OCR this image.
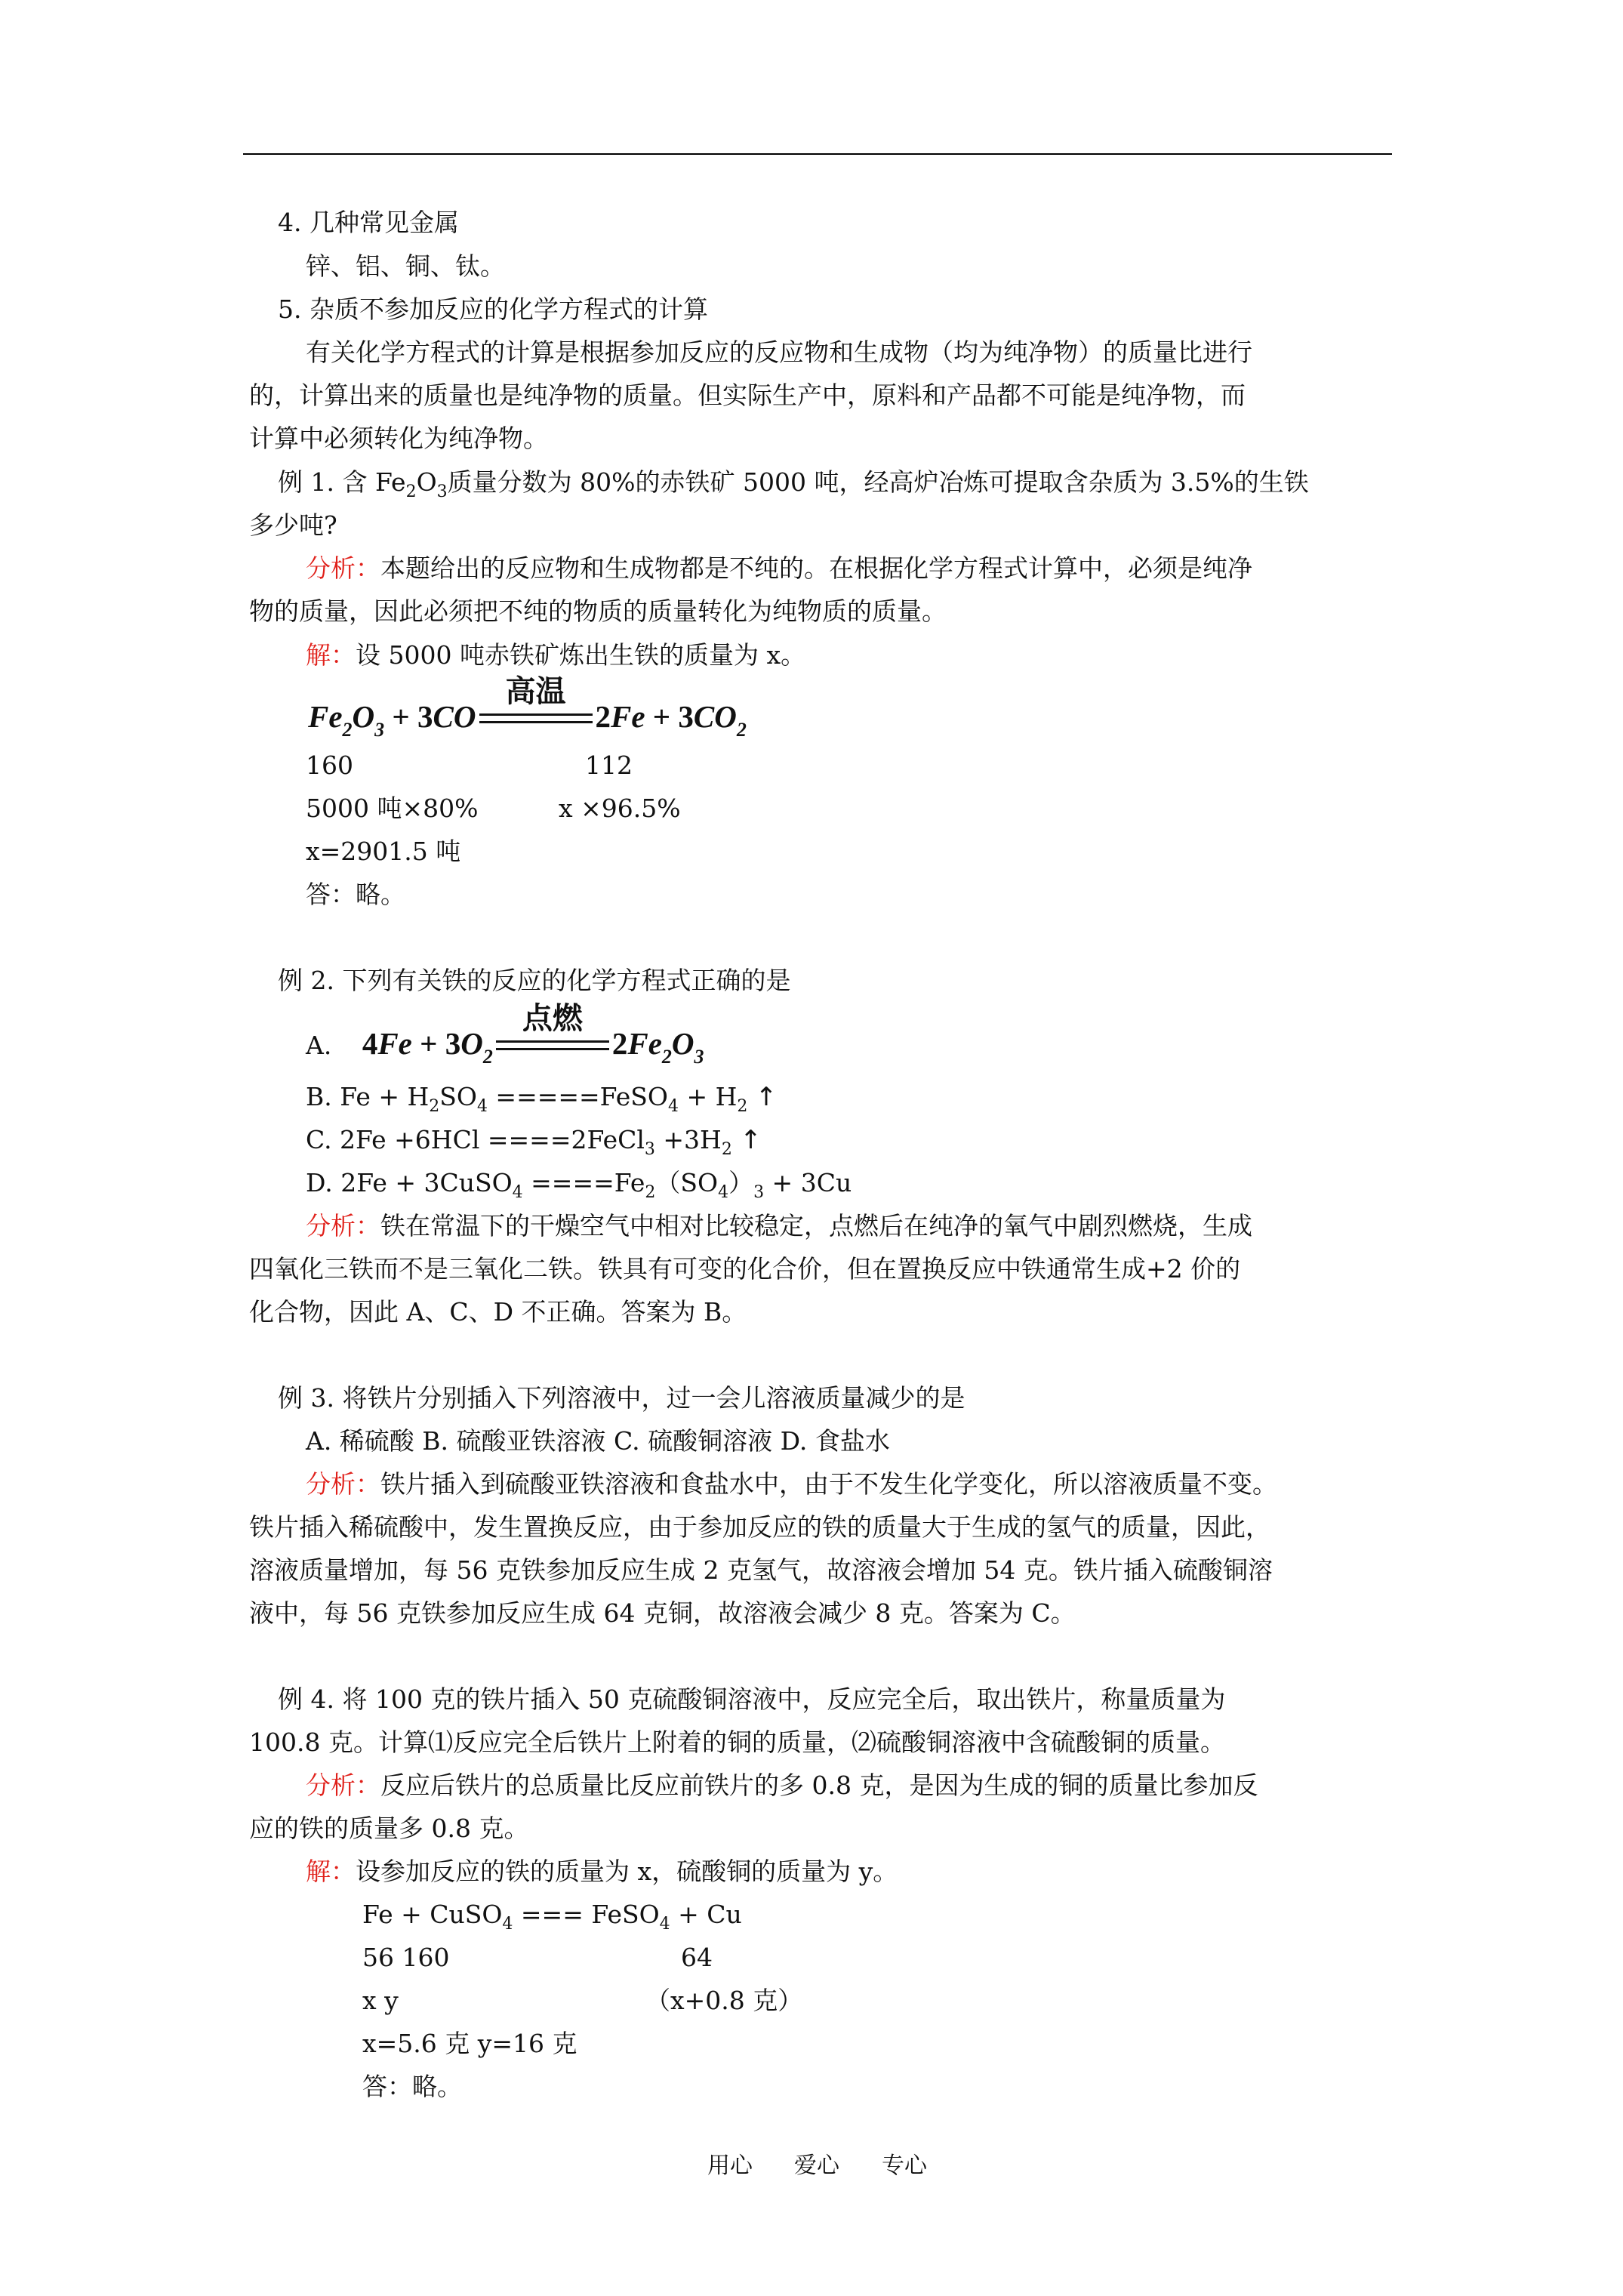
4. 几种常见金属
锌、铝、铜、钛。
5. 杂质不参加反应的化学方程式的计算
有关化学方程式的计算是根据参加反应的反应物和生成物（均为纯净物）的质量比进行
的，计算出来的质量也是纯净物的质量。但实际生产中，原料和产品都不可能是纯净物，而
计算中必须转化为纯净物。
例 1. 含 $Fe_2O_3$质量分数为 80%的赤铁矿 5000 吨，经高炉冶炼可提取含杂质为 3.5%的生铁
多少吨?
分析：本题给出的反应物和生成物都是不纯的。在根据化学方程式计算中，必须是纯净
物的质量，因此必须把不纯的物质的质量转化为纯物质的质量。
解：设 5000 吨赤铁矿炼出生铁的质量为 x。
$Fe_2O_3 + 3CO$
高温
$2Fe + 3CO_2$
160	112
5000 吨×80%	x ×96.5%
x=2901.5 吨
答：略。
例 2. 下列有关铁的反应的化学方程式正确的是
A. $4Fe + 3O_2$
点燃
$2Fe_2O_3$
B. $Fe + H_2SO_4$ =====FeSO$_4$ + $H_2$ ↑
C. 2Fe +6HCl ====2FeCl$_3$ $+3H_2$ ↑
D. 2Fe + 3CuSO$_4$ $====Fe_2(SO_4)_3 + 3Cu$
分析：铁在常温下的干燥空气中相对比较稳定，点燃后在纯净的氧气中剧烈燃烧，生成
四氧化三铁而不是三氧化二铁。铁具有可变的化合价，但在置换反应中铁通常生成+2 价的
化合物，因此 A、C、D 不正确。答案为 B。
例 3. 将铁片分别插入下列溶液中，过一会儿溶液质量减少的是
A. 稀硫酸 B. 硫酸亚铁溶液 C. 硫酸铜溶液 D. 食盐水
分析：铁片插入到硫酸亚铁溶液和食盐水中，由于不发生化学变化，所以溶液质量不变。
铁片插入稀硫酸中，发生置换反应，由于参加反应的铁的质量大于生成的氢气的质量，因此，
溶液质量增加，每 56 克铁参加反应生成 2 克氢气，故溶液会增加 54 克。铁片插入硫酸铜溶
液中，每 56 克铁参加反应生成 64 克铜，故溶液会减少 8 克。答案为 C。
例 4. 将 100 克的铁片插入 50 克硫酸铜溶液中，反应完全后，取出铁片，称量质量为
100.8 克。计算⑴反应完全后铁片上附着的铜的质量，⑵硫酸铜溶液中含硫酸铜的质量。
分析：反应后铁片的总质量比反应前铁片的多 0.8 克，是因为生成的铜的质量比参加反
应的铁的质量多 0.8 克。
解：设参加反应的铁的质量为 x，硫酸铜的质量为 y。
Fe + CuSO$_4$ === FeSO$_4$ + Cu
56 160	64
x y	（x+0.8 克）
x=5.6 克 y=16 克
答：略。
用心 爱心 专心
